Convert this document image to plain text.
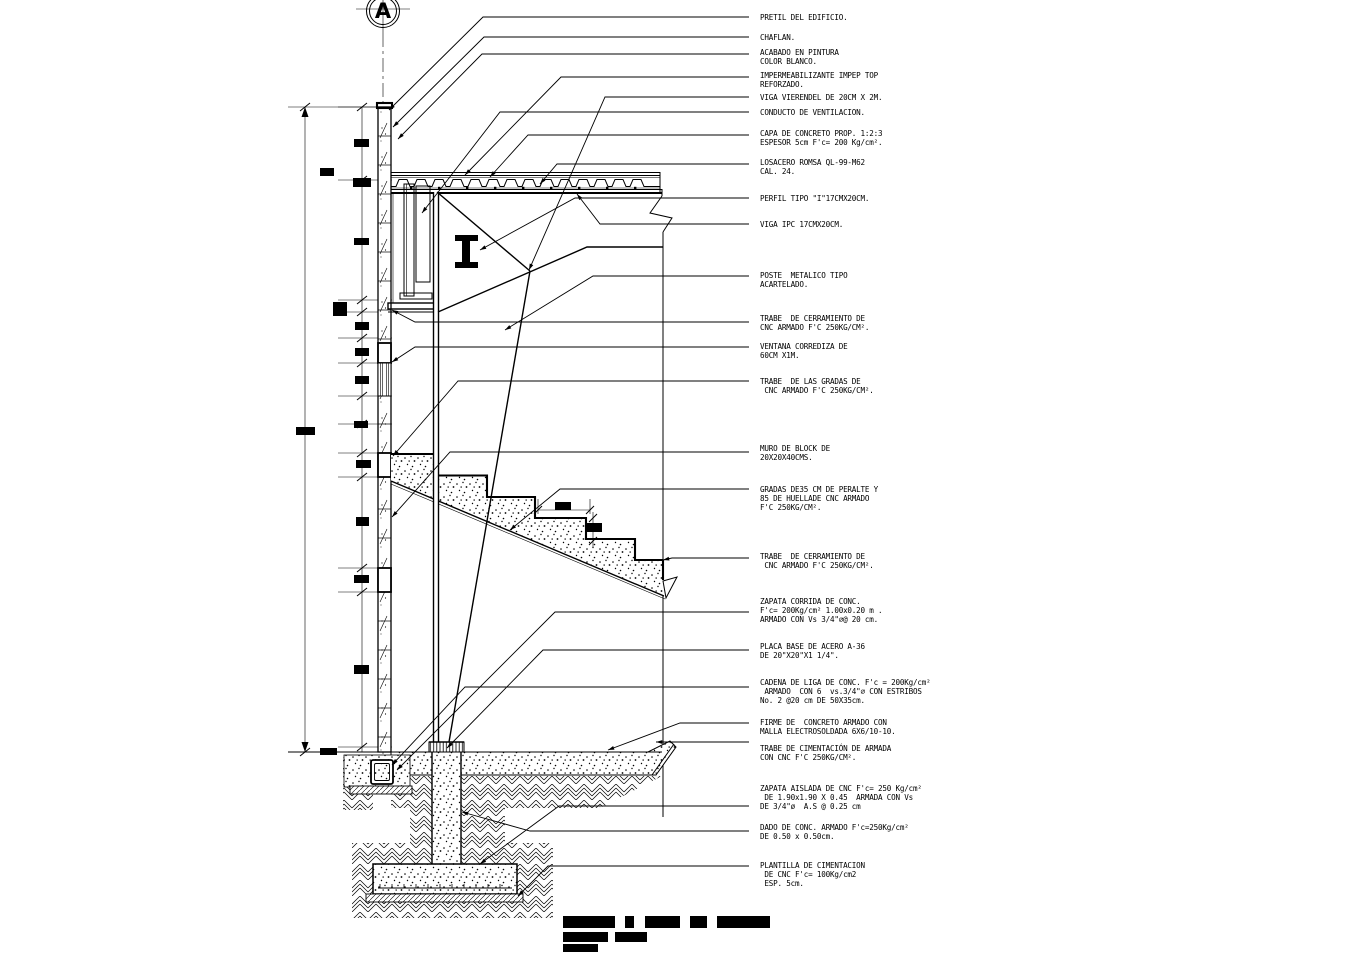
A	PRETIL DEL EDIFICIO.
CHAFLAN.
ACABADO EN PINTURA
COLOR BLANCO.
IMPERMEABILIZANTE IMPEP TOP
REFORZADO.
VIGA VIERENDEL DE 20CM X 2M.
CONDUCTO DE VENTILACION.
CAPA DE CONCRETO PROP. 1:2:3
ESPESOR 5cm F'c= 200 Kg/cm².
LOSACERO ROMSA QL-99-M62
CAL. 24.
PERFIL TIPO "I"17CMX20CM.
VIGA IPC 17CMX20CM.
POSTE  METALICO TIPO
ACARTELADO.
TRABE  DE CERRAMIENTO DE
CNC ARMADO F'C 250KG/CM².
VENTANA CORREDIZA DE
60CM X1M.
TRABE  DE LAS GRADAS DE
CNC ARMADO F'C 250KG/CM².
MURO DE BLOCK DE
20X20X40CMS.
GRADAS DE35 CM DE PERALTE Y
85 DE HUELLADE CNC ARMADO
F'C 250KG/CM².
TRABE  DE CERRAMIENTO DE
CNC ARMADO F'C 250KG/CM².
ZAPATA CORRIDA DE CONC.
F'c= 200Kg/cm² 1.00x0.20 m .
ARMADO CON Vs 3/4"∅@ 20 cm.
PLACA BASE DE ACERO A-36
DE 20"X20"X1 1/4".
CADENA DE LIGA DE CONC. F'c = 200Kg/cm²
ARMADO  CON 6  vs.3/4"∅ CON ESTRIBOS
No. 2 @20 cm DE 50X35cm.
FIRME DE  CONCRETO ARMADO CON
MALLA ELECTROSOLDADA 6X6/10-10.
TRABE DE CIMENTACIÓN DE ARMADA
CON CNC F'C 250KG/CM².
ZAPATA AISLADA DE CNC F'c= 250 Kg/cm²
DE 1.90x1.90 X 0.45  ARMADA CON Vs
DE 3/4"ø  A.S @ 0.25 cm
DADO DE CONC. ARMADO F'c=250Kg/cm²
DE 0.50 x 0.50cm.
PLANTILLA DE CIMENTACION
DE CNC F'c= 100Kg/cm2
ESP. 5cm.
